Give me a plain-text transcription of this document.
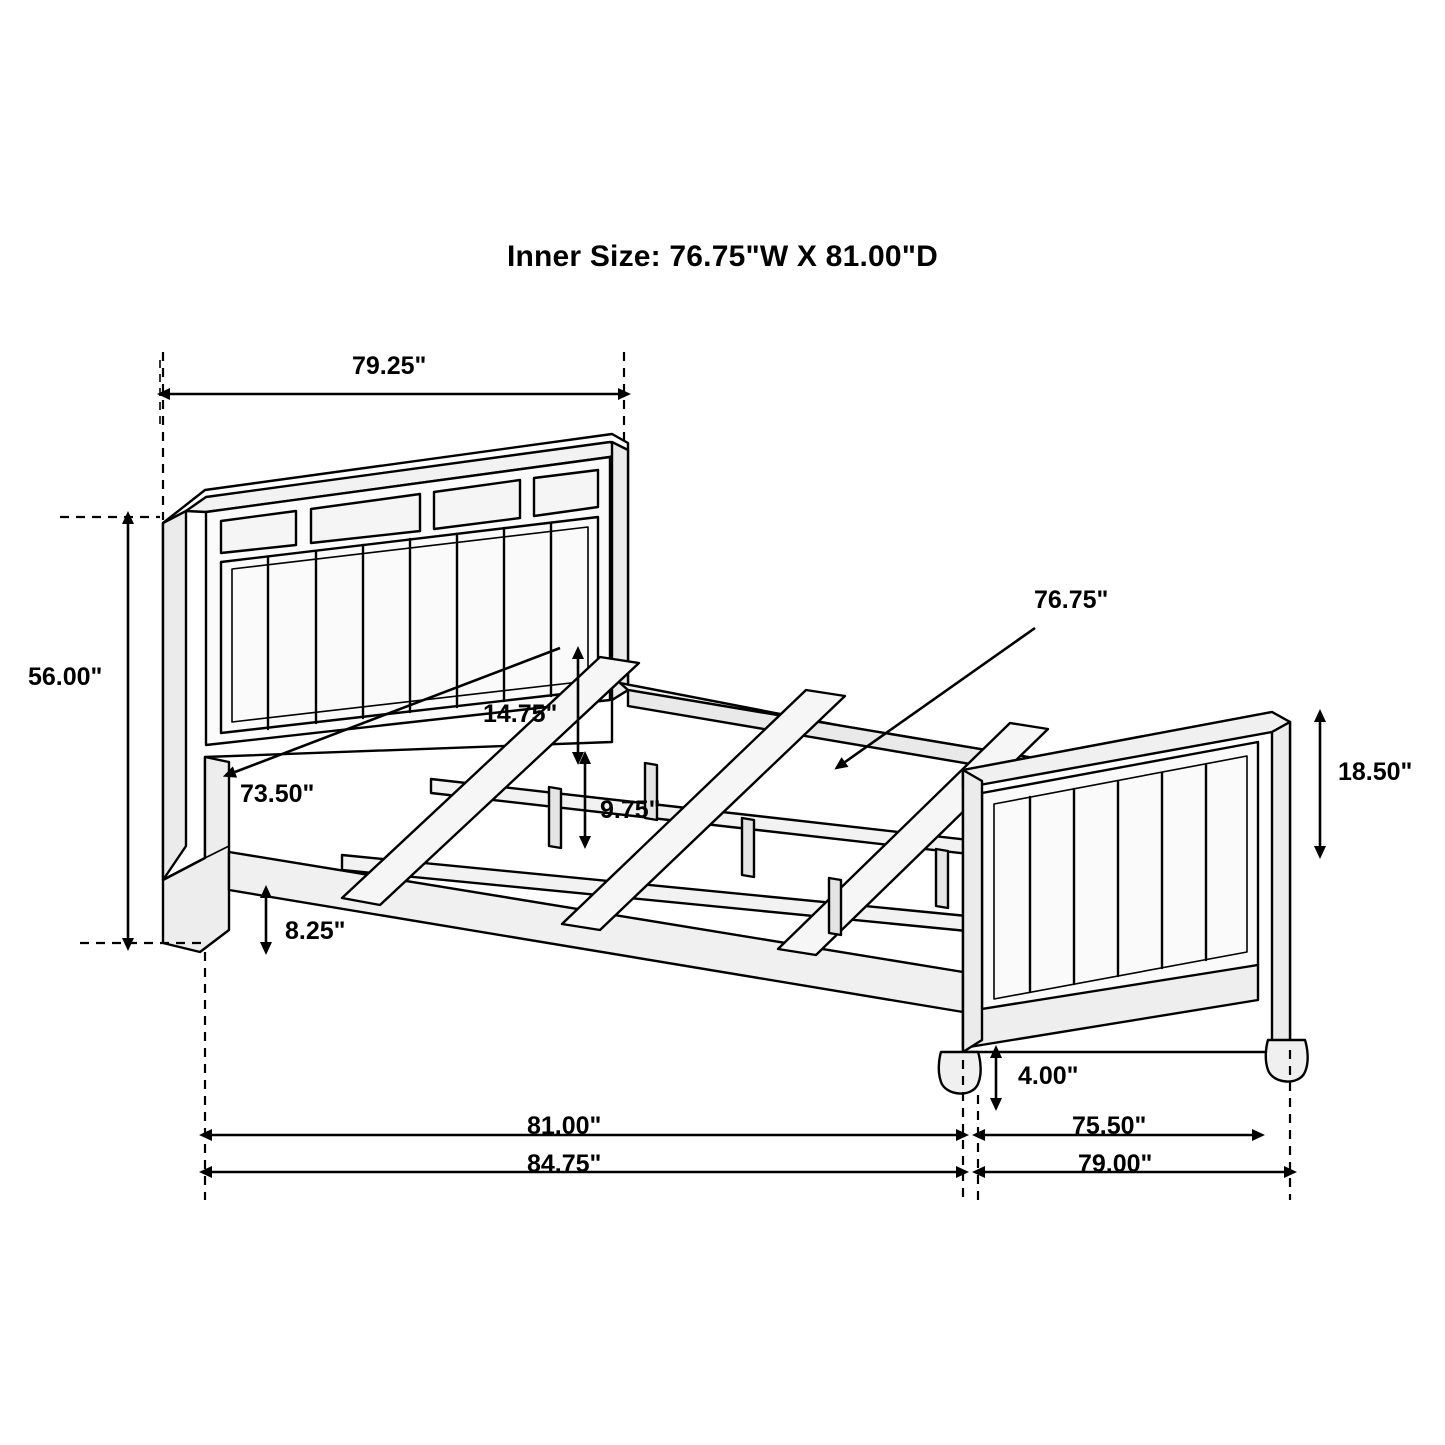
Inner Size: 76.75"W X 81.00"D
79.25"
56.00"
73.50"
14.75"
9.75"
8.25"
76.75"
18.50"
4.00"
81.00"
84.75"
75.50"
79.00"
